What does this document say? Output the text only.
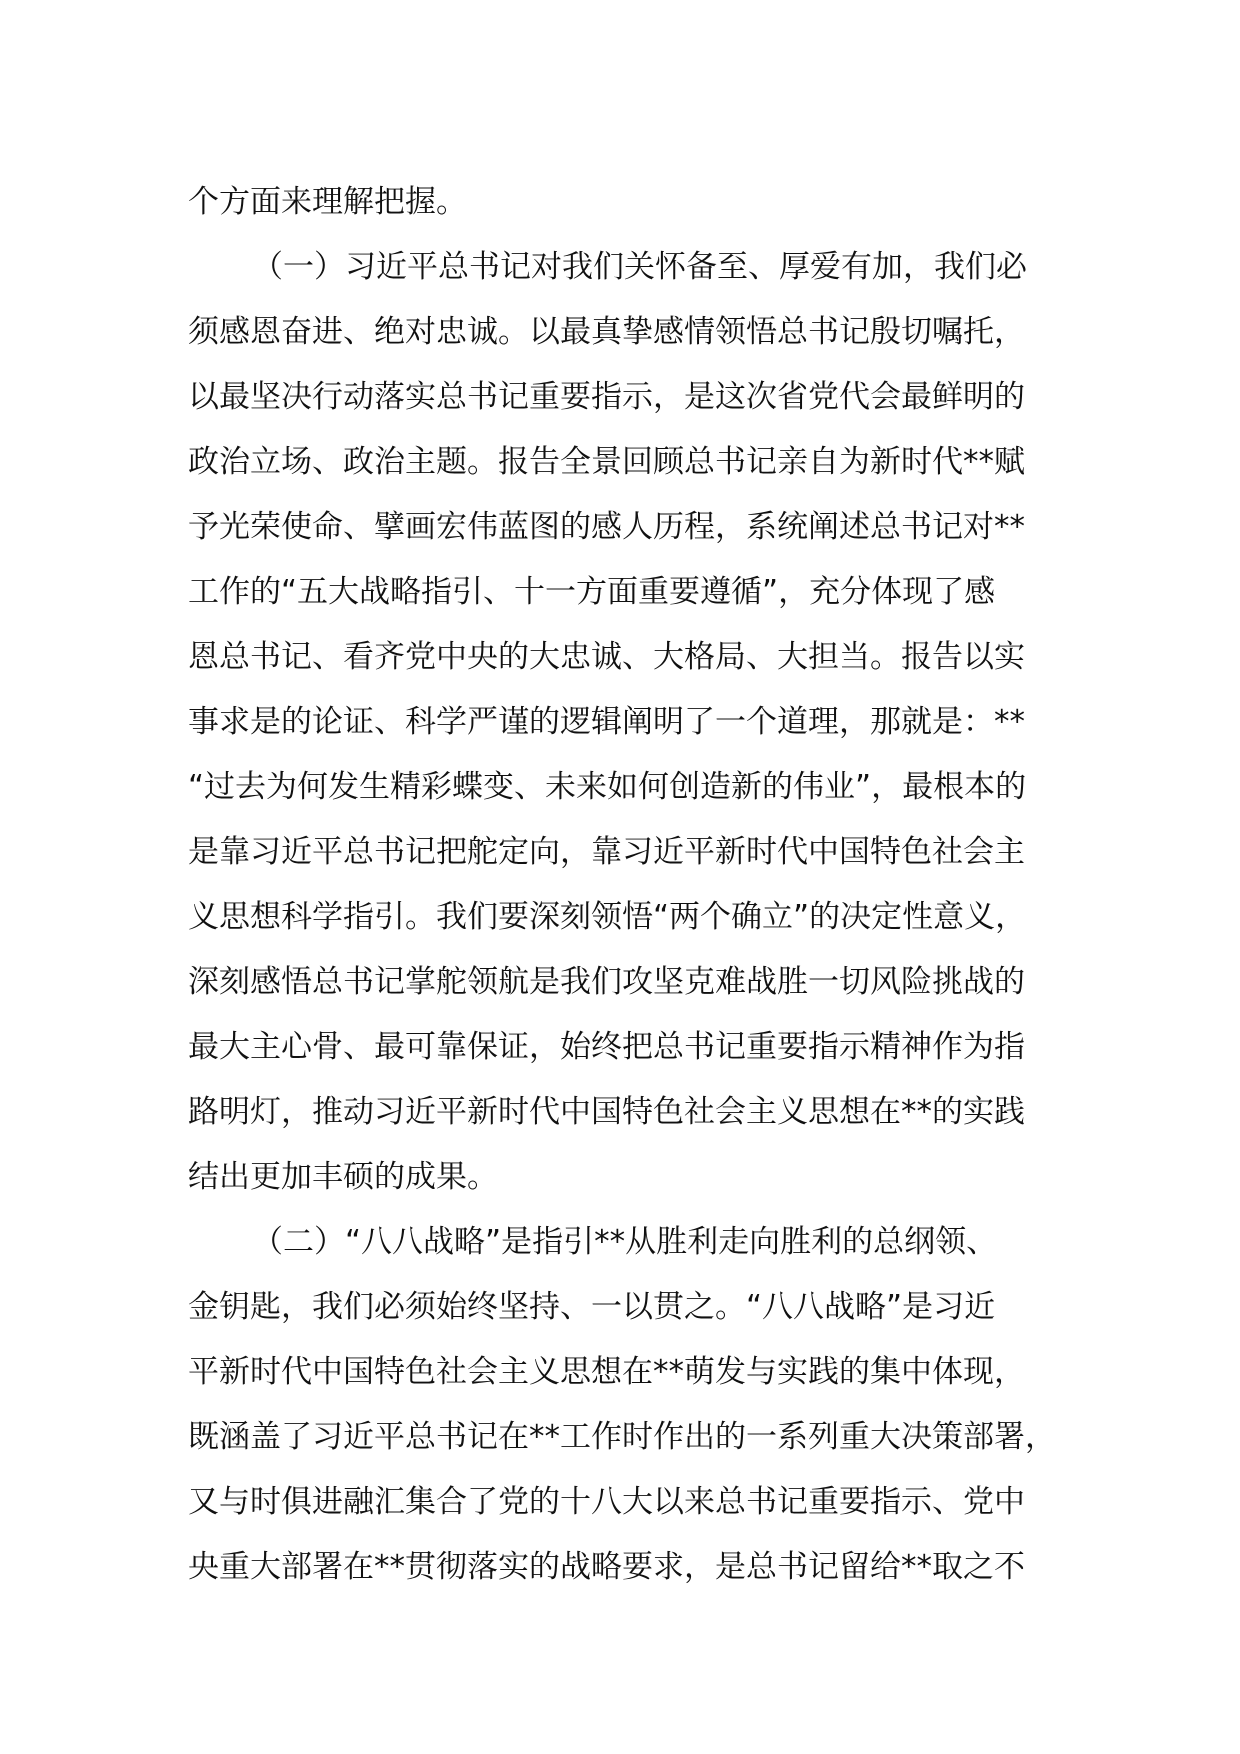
个方面来理解把握。
（一）习近平总书记对我们关怀备至、厚爱有加，我们必
须感恩奋进、绝对忠诚。以最真挚感情领悟总书记殷切嘱托，
以最坚决行动落实总书记重要指示，是这次省党代会最鲜明的
政治立场、政治主题。报告全景回顾总书记亲自为新时代**赋
予光荣使命、擘画宏伟蓝图的感人历程，系统阐述总书记对**
工作的“五大战略指引、十一方面重要遵循”，充分体现了感
恩总书记、看齐党中央的大忠诚、大格局、大担当。报告以实
事求是的论证、科学严谨的逻辑阐明了一个道理，那就是：**
“过去为何发生精彩蝶变、未来如何创造新的伟业”，最根本的
是靠习近平总书记把舵定向，靠习近平新时代中国特色社会主
义思想科学指引。我们要深刻领悟“两个确立”的决定性意义，
深刻感悟总书记掌舵领航是我们攻坚克难战胜一切风险挑战的
最大主心骨、最可靠保证，始终把总书记重要指示精神作为指
路明灯，推动习近平新时代中国特色社会主义思想在**的实践
结出更加丰硕的成果。
（二）“八八战略”是指引**从胜利走向胜利的总纲领、
金钥匙，我们必须始终坚持、一以贯之。“八八战略”是习近
平新时代中国特色社会主义思想在**萌发与实践的集中体现，
既涵盖了习近平总书记在**工作时作出的一系列重大决策部署，
又与时俱进融汇集合了党的十八大以来总书记重要指示、党中
央重大部署在**贯彻落实的战略要求，是总书记留给**取之不
